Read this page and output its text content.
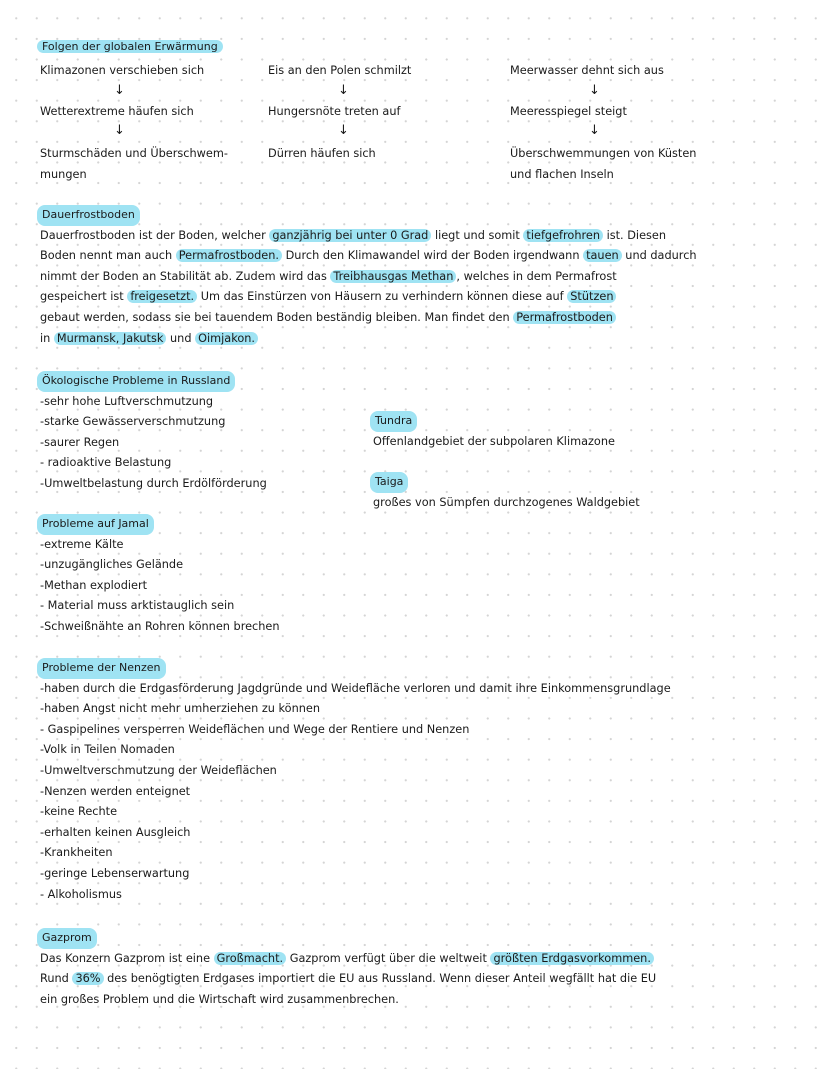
Folgen der globalen Erwärmung
Klimazonen verschieben sich
↓
Wetterextreme häufen sich
↓
Sturmschäden und Überschwem-
mungen
Eis an den Polen schmilzt
↓
Hungersnöte treten auf
↓
Dürren häufen sich
Meerwasser dehnt sich aus
↓
Meeresspiegel steigt
↓
Überschwemmungen von Küsten
und flachen Inseln
Dauerfrostboden
Dauerfrostboden ist der Boden, welcher ganzjährig bei unter 0 Grad liegt und somit tiefgefrohren ist. Diesen
Boden nennt man auch Permafrostboden. Durch den Klimawandel wird der Boden irgendwann tauen und dadurch
nimmt der Boden an Stabilität ab. Zudem wird das Treibhausgas Methan , welches in dem Permafrost
gespeichert ist freigesetzt. Um das Einstürzen von Häusern zu verhindern können diese auf Stützen
gebaut werden, sodass sie bei tauendem Boden beständig bleiben. Man findet den Permafrostboden
in Murmansk, Jakutsk und Oimjakon.
Ökologische Probleme in Russland
-sehr hohe Luftverschmutzung
-starke Gewässerverschmutzung
-saurer Regen
- radioaktive Belastung
-Umweltbelastung durch Erdölförderung
Tundra
Offenlandgebiet der subpolaren Klimazone
Taiga
großes von Sümpfen durchzogenes Waldgebiet
Probleme auf Jamal
-extreme Kälte
-unzugängliches Gelände
-Methan explodiert
- Material muss arktistauglich sein
-Schweißnähte an Rohren können brechen
Probleme der Nenzen
-haben durch die Erdgasförderung Jagdgründe und Weidefläche verloren und damit ihre Einkommensgrundlage
-haben Angst nicht mehr umherziehen zu können
- Gaspipelines versperren Weideflächen und Wege der Rentiere und Nenzen
-Volk in Teilen Nomaden
-Umweltverschmutzung der Weideflächen
-Nenzen werden enteignet
-keine Rechte
-erhalten keinen Ausgleich
-Krankheiten
-geringe Lebenserwartung
- Alkoholismus
Gazprom
Das Konzern Gazprom ist eine Großmacht. Gazprom verfügt über die weltweit größten Erdgasvorkommen.
Rund 36% des benögtigten Erdgases importiert die EU aus Russland. Wenn dieser Anteil wegfällt hat die EU
ein großes Problem und die Wirtschaft wird zusammenbrechen.
